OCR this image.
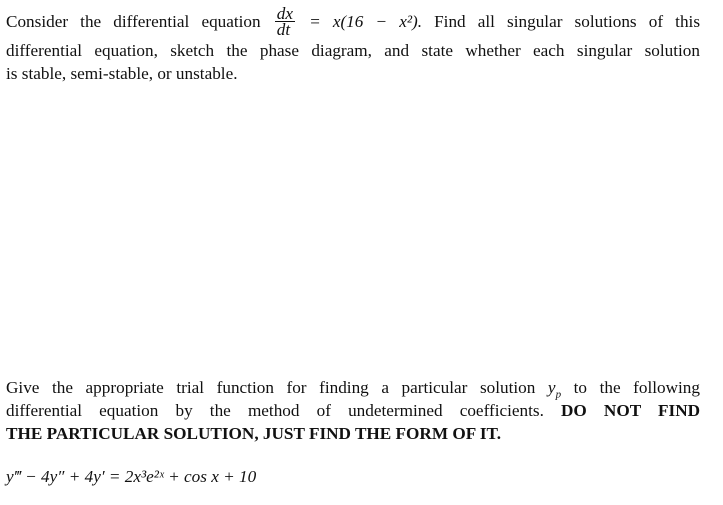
Consider the differential equation $\frac{dx}{dt} = x(16 - x^2)$. Find all singular solutions of this
differential equation, sketch the phase diagram, and state whether each singular solution
is stable, semi-stable, or unstable.
Give the appropriate trial function for finding a particular solution $y_p$ to the following
differential equation by the method of undetermined coefficients. DO NOT FIND
THE PARTICULAR SOLUTION, JUST FIND THE FORM OF IT.
y‴ − 4y″ + 4y′ = 2x³e²ˣ + cos x + 10
